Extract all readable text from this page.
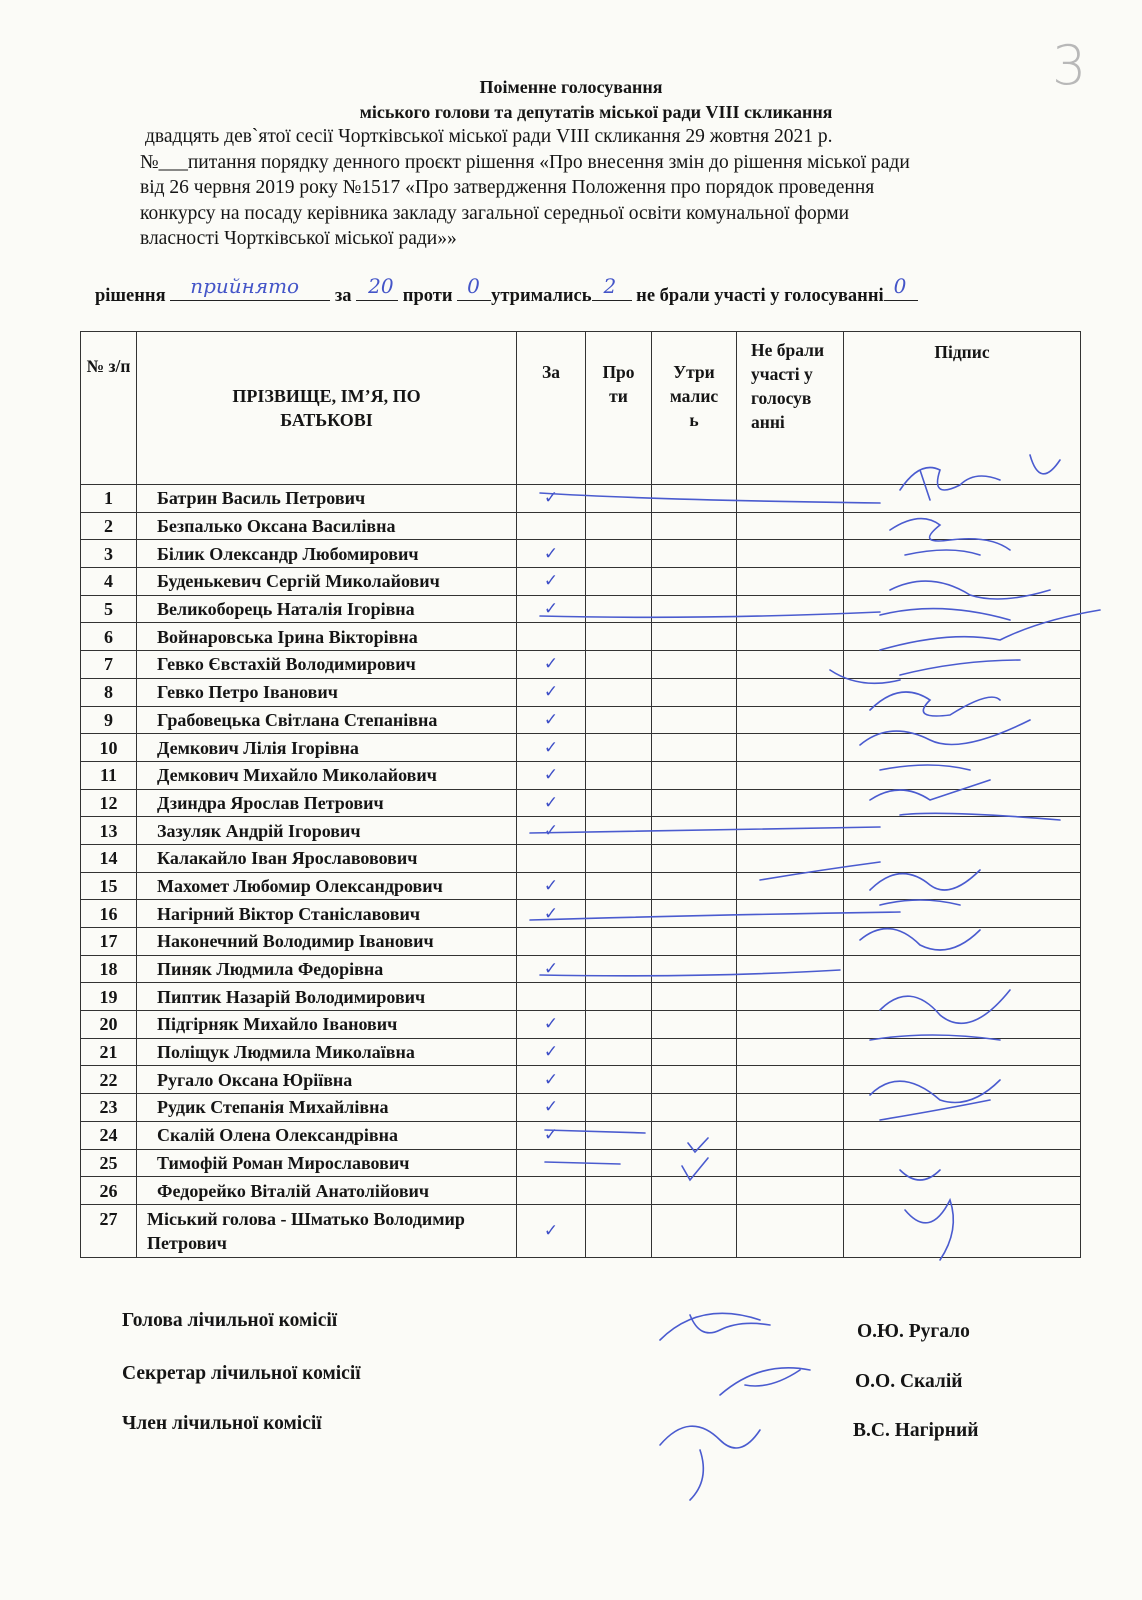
3
Поіменне голосування
міського голови та депутатів міської ради VIII скликання
двадцять дев`ятої сесії Чортківської міської ради VIII скликання 29 жовтня 2021 р.
№___питання порядку денного проєкт рішення «Про внесення змін до рішення міської ради
від 26 червня 2019 року №1517 «Про затвердження Положення про порядок проведення
конкурсу на посаду керівника закладу загальної середньої освіти комунальної форми
власності Чортківської міської ради»»
рішення прийнято за 20 проти 0 утримались 2 не брали участі у голосуванні 0
№ з/п	ПРІЗВИЩЕ, ІМ’Я, ПО БАТЬКОВІ	За	Про ти	Утри малис ь	Не брали участі у голосув анні	Підпис
1	Батрин Василь Петрович	✓				
2	Безпалько Оксана Василівна					
3	Білик Олександр Любомирович	✓				
4	Буденькевич Сергій Миколайович	✓				
5	Великоборець Наталія Ігорівна	✓				
6	Войнаровська Ірина Вікторівна					
7	Гевко Євстахій Володимирович	✓				
8	Гевко Петро Іванович	✓				
9	Грабовецька Світлана Степанівна	✓				
10	Демкович Лілія Ігорівна	✓				
11	Демкович Михайло Миколайович	✓				
12	Дзиндра Ярослав Петрович	✓				
13	Зазуляк Андрій Ігорович	✓				
14	Калакайло Іван Ярославовович					
15	Махомет Любомир Олександрович	✓				
16	Нагірний Віктор Станіславович	✓				
17	Наконечний Володимир Іванович					
18	Пиняк Людмила Федорівна	✓				
19	Пиптик Назарій Володимирович					
20	Підгірняк Михайло Іванович	✓				
21	Поліщук Людмила Миколаївна	✓				
22	Ругало Оксана Юріївна	✓				
23	Рудик Степанія Михайлівна	✓				
24	Скалій Олена Олександрівна	✓				
25	Тимофій Роман Мирославович					
26	Федорейко Віталій Анатолійович					
27	Міський голова - Шматько Володимир Петрович	✓				
Голова лічильної комісії
О.Ю. Ругало
Секретар лічильної комісії	О.О. Скалій
Член лічильної комісії	В.С. Нагірний
